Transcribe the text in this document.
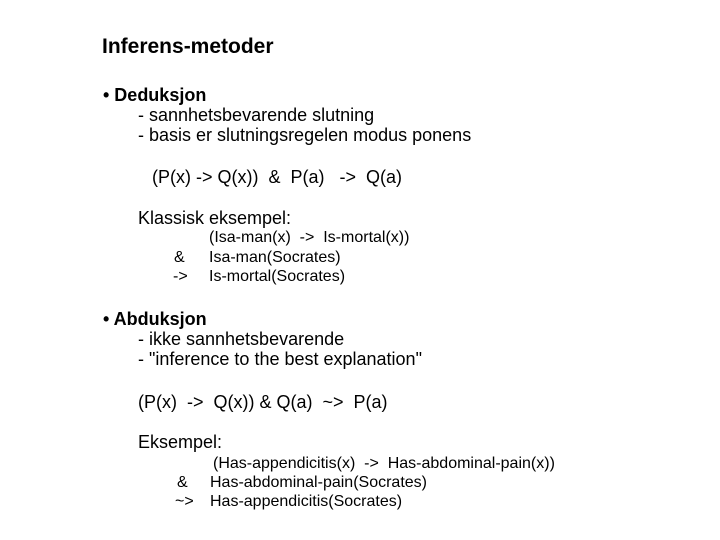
Inferens-metoder
• Deduksjon
- sannhetsbevarende slutning
- basis er slutningsregelen modus ponens
(P(x) -> Q(x))  &  P(a)   ->  Q(a)
Klassisk eksempel:
(Isa-man(x)  ->  Is-mortal(x))
& Isa-man(Socrates)
-> Is-mortal(Socrates)
• Abduksjon
- ikke sannhetsbevarende
- "inference to the best explanation"
(P(x)  ->  Q(x)) & Q(a)  ~>  P(a)
Eksempel:
(Has-appendicitis(x)  ->  Has-abdominal-pain(x))
& Has-abdominal-pain(Socrates)
~> Has-appendicitis(Socrates)
